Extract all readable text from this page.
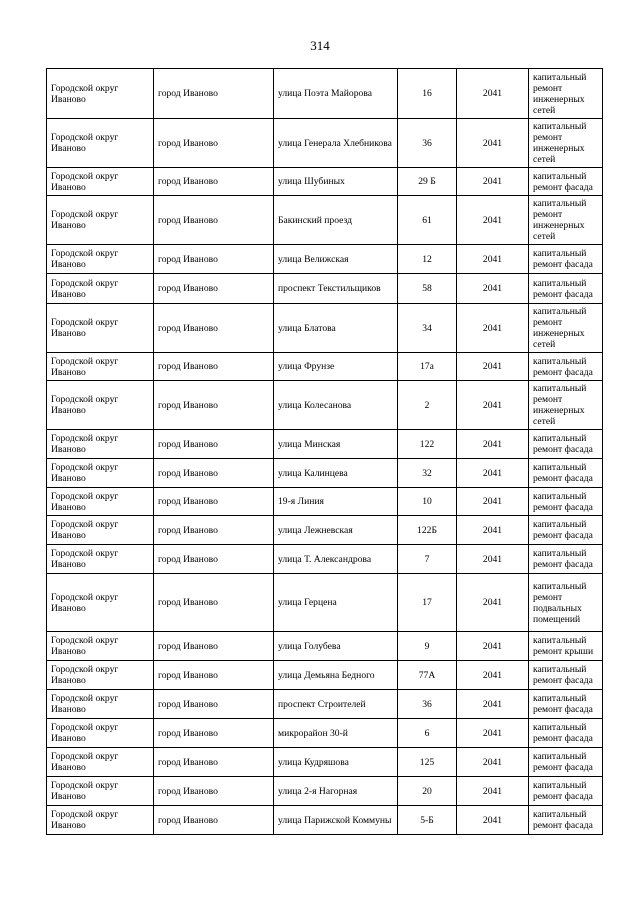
314
Городской округ Иваново	город Иваново	улица Поэта Майорова	16	2041	капитальный ремонт инженерных сетей
Городской округ Иваново	город Иваново	улица Генерала Хлебникова	36	2041	капитальный ремонт инженерных сетей
Городской округ Иваново	город Иваново	улица Шубиных	29 Б	2041	капитальный ремонт фасада
Городской округ Иваново	город Иваново	Бакинский проезд	61	2041	капитальный ремонт инженерных сетей
Городской округ Иваново	город Иваново	улица Велижская	12	2041	капитальный ремонт фасада
Городской округ Иваново	город Иваново	проспект Текстильщиков	58	2041	капитальный ремонт фасада
Городской округ Иваново	город Иваново	улица Блатова	34	2041	капитальный ремонт инженерных сетей
Городской округ Иваново	город Иваново	улица Фрунзе	17а	2041	капитальный ремонт фасада
Городской округ Иваново	город Иваново	улица Колесанова	2	2041	капитальный ремонт инженерных сетей
Городской округ Иваново	город Иваново	улица Минская	122	2041	капитальный ремонт фасада
Городской округ Иваново	город Иваново	улица Калинцева	32	2041	капитальный ремонт фасада
Городской округ Иваново	город Иваново	19-я Линия	10	2041	капитальный ремонт фасада
Городской округ Иваново	город Иваново	улица Лежневская	122Б	2041	капитальный ремонт фасада
Городской округ Иваново	город Иваново	улица Т. Александрова	7	2041	капитальный ремонт фасада
Городской округ Иваново	город Иваново	улица Герцена	17	2041	капитальный ремонт подвальных помещений
Городской округ Иваново	город Иваново	улица Голубева	9	2041	капитальный ремонт крыши
Городской округ Иваново	город Иваново	улица Демьяна Бедного	77А	2041	капитальный ремонт фасада
Городской округ Иваново	город Иваново	проспект Строителей	36	2041	капитальный ремонт фасада
Городской округ Иваново	город Иваново	микрорайон 30-й	6	2041	капитальный ремонт фасада
Городской округ Иваново	город Иваново	улица Кудряшова	125	2041	капитальный ремонт фасада
Городской округ Иваново	город Иваново	улица 2-я Нагорная	20	2041	капитальный ремонт фасада
Городской округ Иваново	город Иваново	улица Парижской Коммуны	5-Б	2041	капитальный ремонт фасада
